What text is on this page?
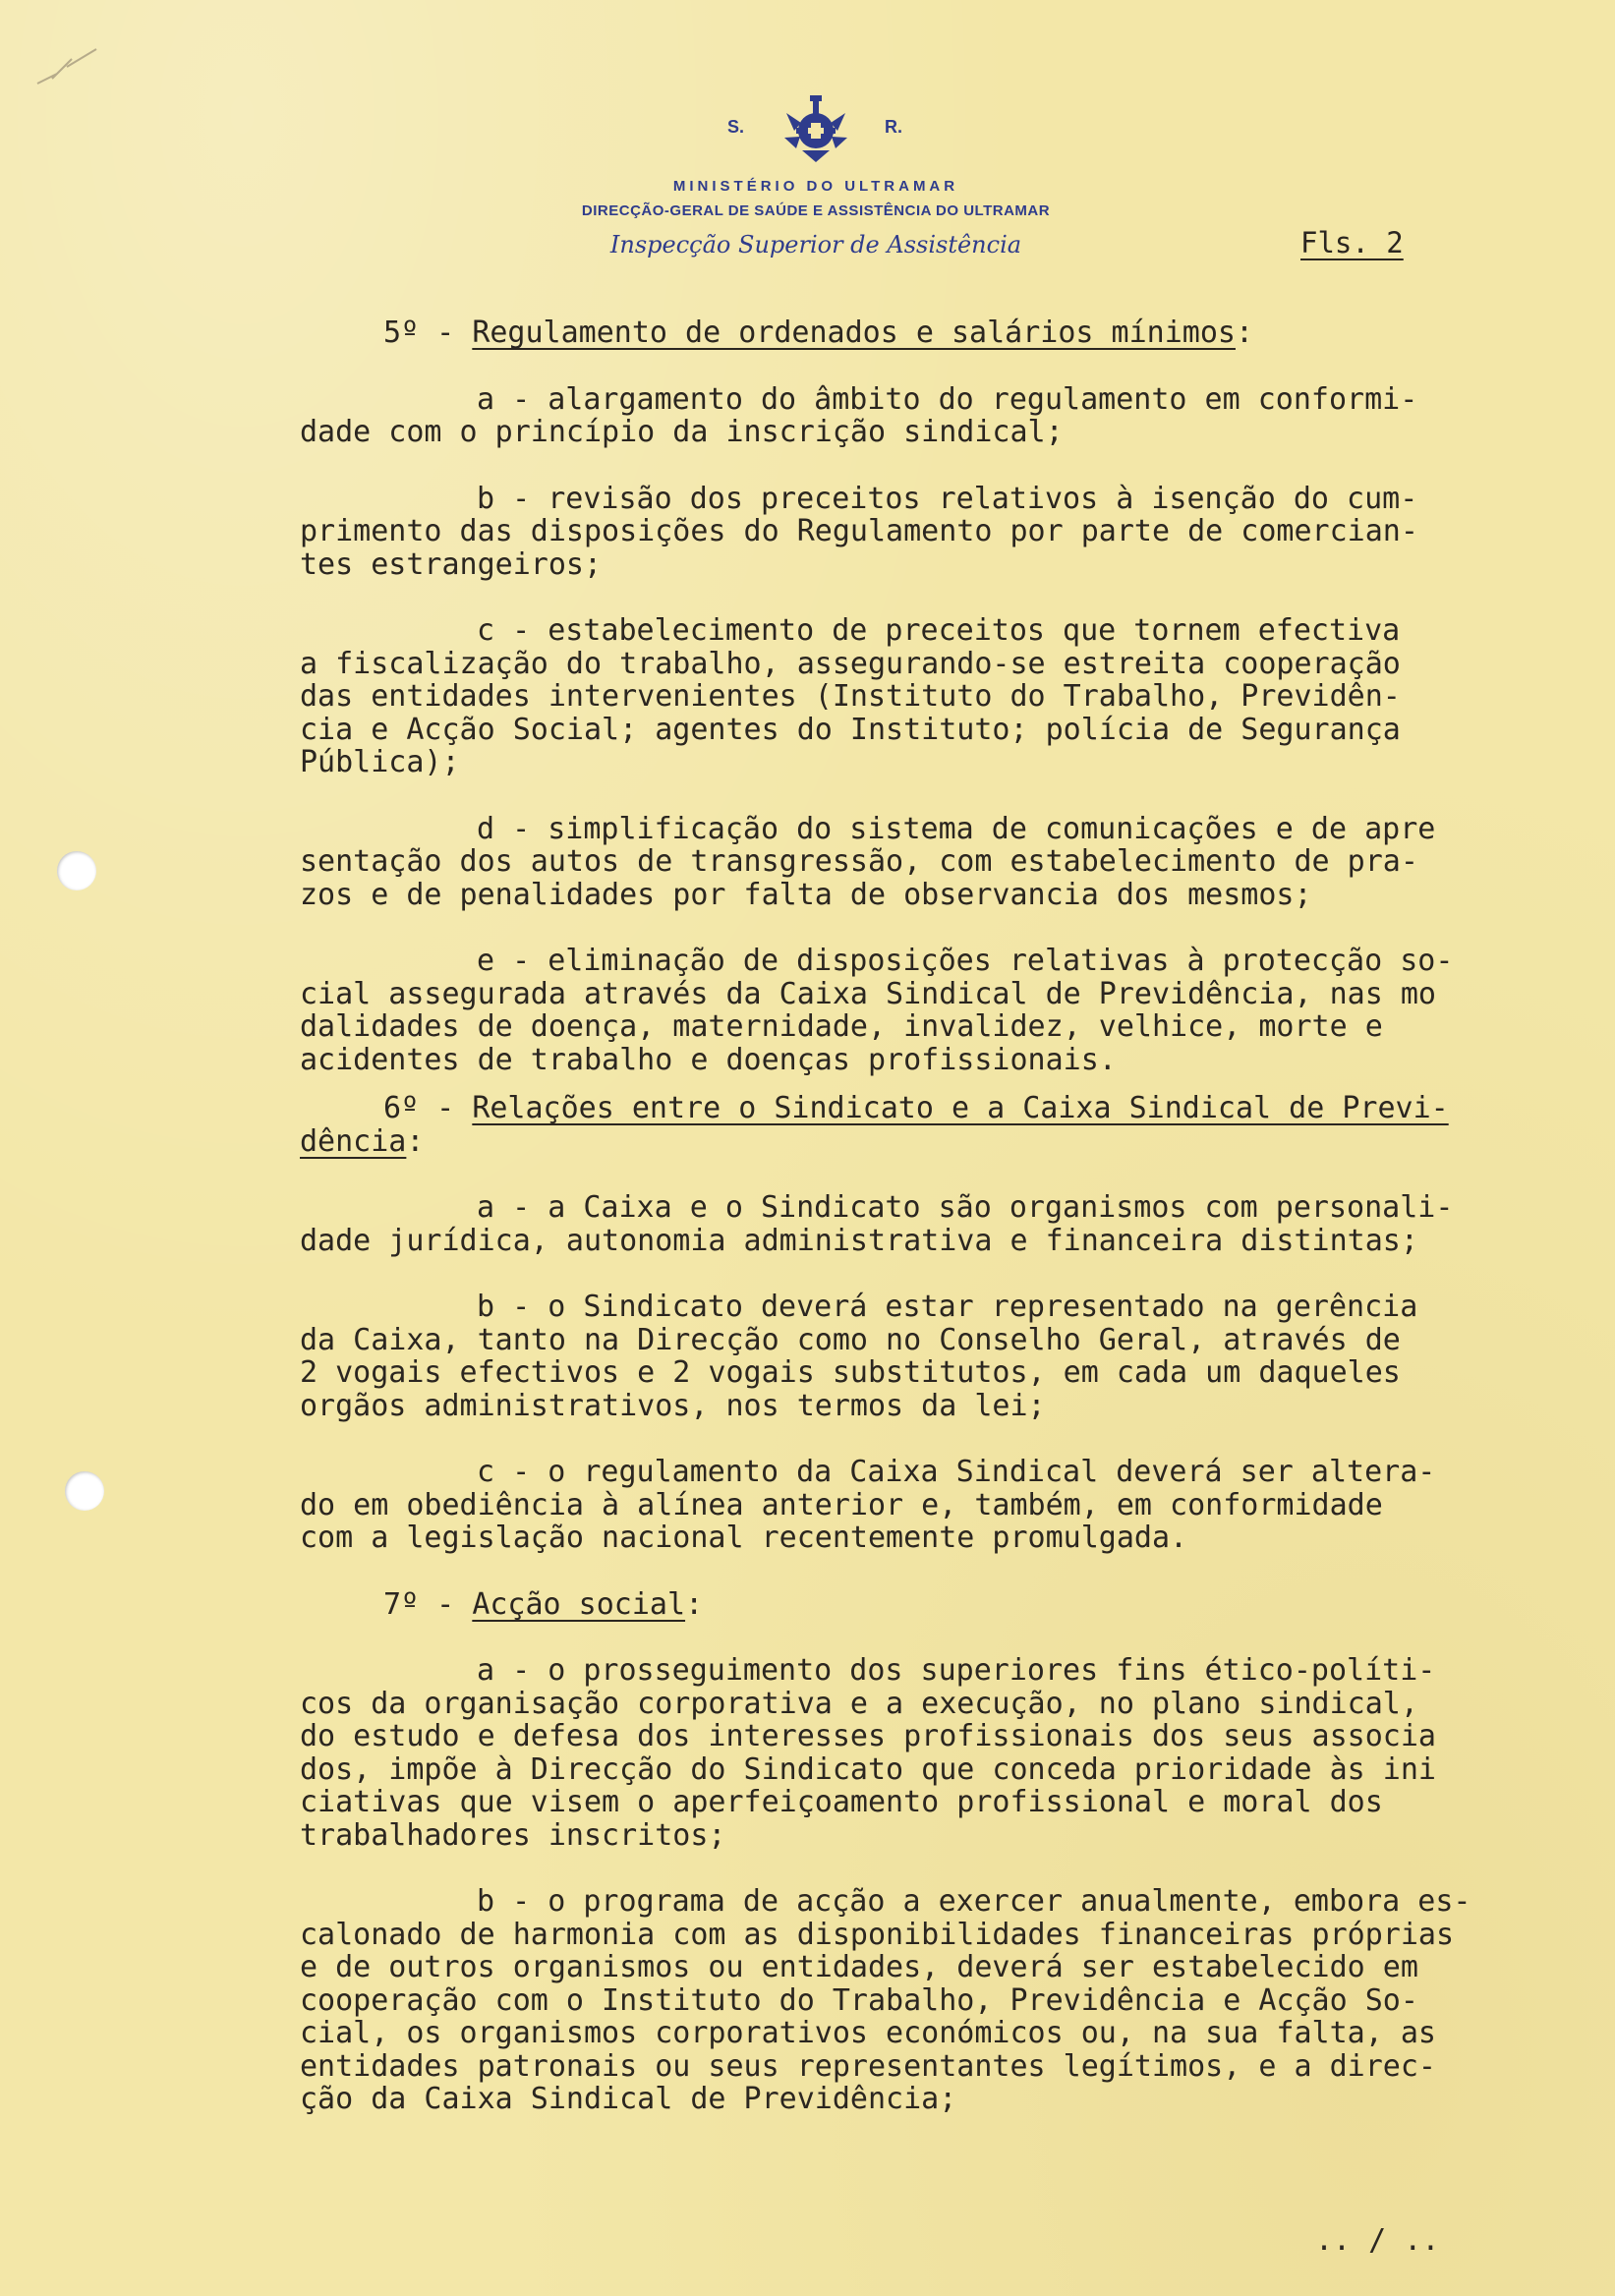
S.	R.
MINISTÉRIO DO ULTRAMAR
DIRECÇÃO-GERAL DE SAÚDE E ASSISTÊNCIA DO ULTRAMAR
Inspecção Superior de Assistência	Fls. 2
5º - Regulamento de ordenados e salários mínimos:
a - alargamento do âmbito do regulamento em conformi-
dade com o princípio da inscrição sindical;
b - revisão dos preceitos relativos à isenção do cum-
primento das disposições do Regulamento por parte de comercian-
tes estrangeiros;
c - estabelecimento de preceitos que tornem efectiva
a fiscalização do trabalho, assegurando-se estreita cooperação
das entidades intervenientes (Instituto do Trabalho, Previdên-
cia e Acção Social; agentes do Instituto; polícia de Segurança
Pública);
d - simplificação do sistema de comunicações e de apre
sentação dos autos de transgressão, com estabelecimento de pra-
zos e de penalidades por falta de observancia dos mesmos;
e - eliminação de disposições relativas à protecção so-
cial assegurada através da Caixa Sindical de Previdência, nas mo
dalidades de doença, maternidade, invalidez, velhice, morte e
acidentes de trabalho e doenças profissionais.
6º - Relações entre o Sindicato e a Caixa Sindical de Previ-
dência:
a - a Caixa e o Sindicato são organismos com personali-
dade jurídica, autonomia administrativa e financeira distintas;
b - o Sindicato deverá estar representado na gerência
da Caixa, tanto na Direcção como no Conselho Geral, através de
2 vogais efectivos e 2 vogais substitutos, em cada um daqueles
orgãos administrativos, nos termos da lei;
c - o regulamento da Caixa Sindical deverá ser altera-
do em obediência à alínea anterior e, também, em conformidade
com a legislação nacional recentemente promulgada.
7º - Acção social:
a - o prosseguimento dos superiores fins ético-políti-
cos da organisação corporativa e a execução, no plano sindical,
do estudo e defesa dos interesses profissionais dos seus associa
dos, impõe à Direcção do Sindicato que conceda prioridade às ini
ciativas que visem o aperfeiçoamento profissional e moral dos
trabalhadores inscritos;
b - o programa de acção a exercer anualmente, embora es-
calonado de harmonia com as disponibilidades financeiras próprias
e de outros organismos ou entidades, deverá ser estabelecido em
cooperação com o Instituto do Trabalho, Previdência e Acção So-
cial, os organismos corporativos económicos ou, na sua falta, as
entidades patronais ou seus representantes legítimos, e a direc-
ção da Caixa Sindical de Previdência;
.. / ..
